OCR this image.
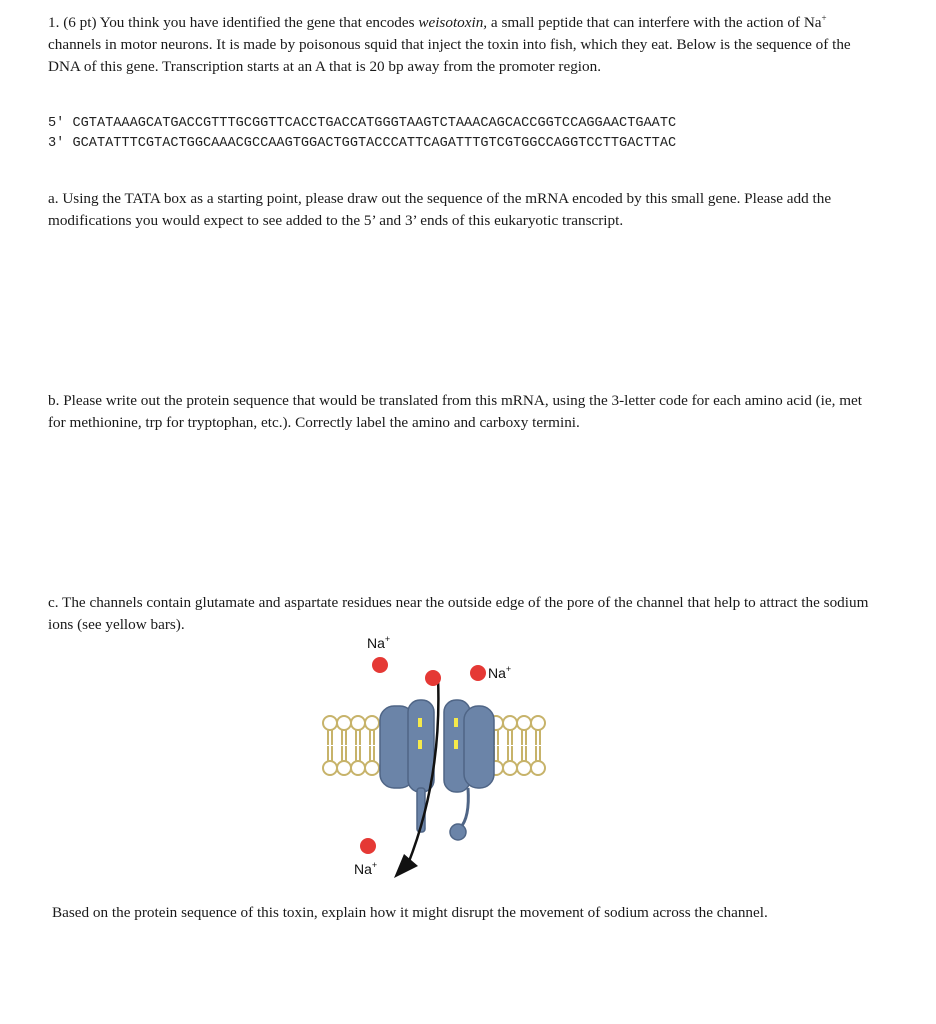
1. (6 pt) You think you have identified the gene that encodes weisotoxin, a small peptide that can interfere with the action of Na+ channels in motor neurons. It is made by poisonous squid that inject the toxin into fish, which they eat. Below is the sequence of the DNA of this gene. Transcription starts at an A that is 20 bp away from the promoter region.
5′ CGTATAAAGCATGACCGTTTGCGGTTCACCTGACCATGGGTAAGTCTAAACAGCACCGGTCCAGGAACTGAATC
3′ GCATATTTCGTACTGGCAAACGCCAAGTGGACTGGTACCCATTCAGATTTGTCGTGGCCAGGTCCTTGACTTAC
a. Using the TATA box as a starting point, please draw out the sequence of the mRNA encoded by this small gene. Please add the modifications you would expect to see added to the 5’ and 3’ ends of this eukaryotic transcript.
b. Please write out the protein sequence that would be translated from this mRNA, using the 3-letter code for each amino acid (ie, met for methionine, trp for tryptophan, etc.). Correctly label the amino and carboxy termini.
c. The channels contain glutamate and aspartate residues near the outside edge of the pore of the channel that help to attract the sodium ions (see yellow bars).
Na+
Na+
Na+
Based on the protein sequence of this toxin, explain how it might disrupt the movement of sodium across the channel.
